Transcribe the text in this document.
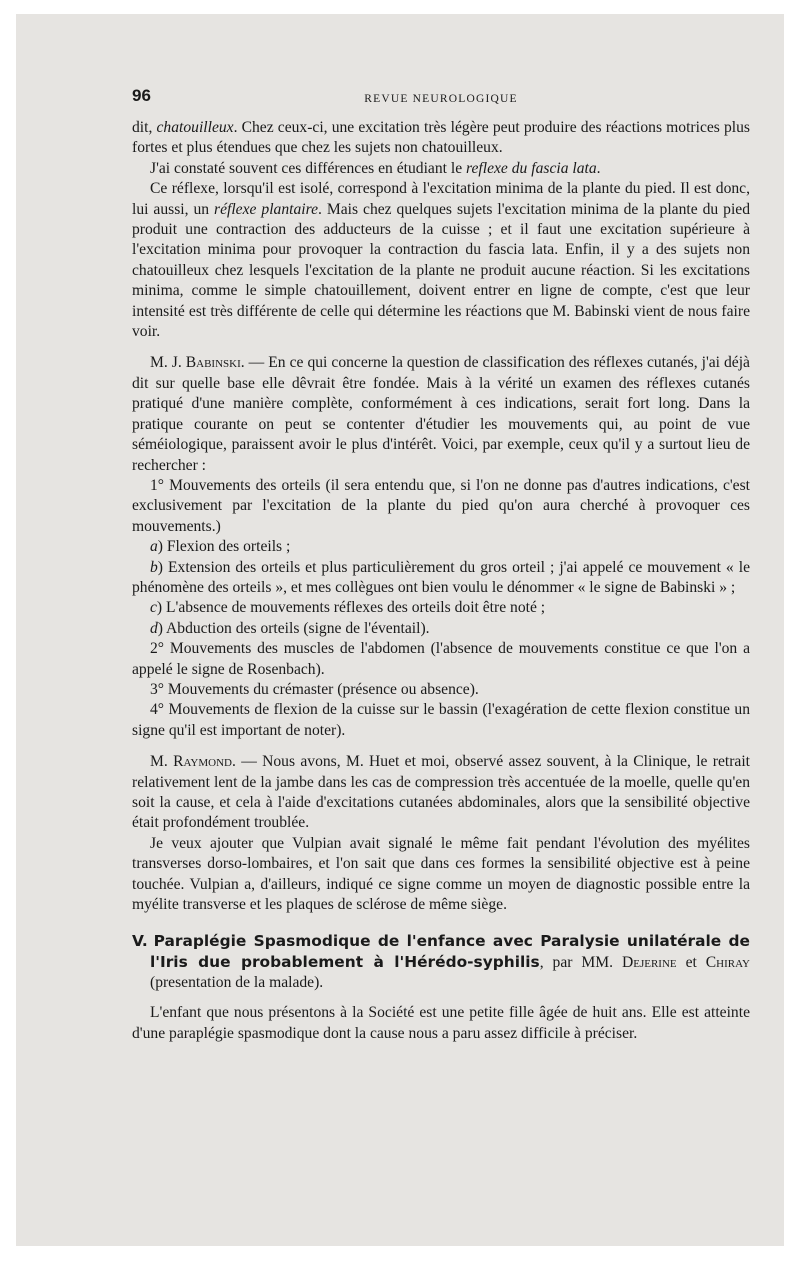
96	REVUE NEUROLOGIQUE

dit, chatouilleux. Chez ceux-ci, une excitation très légère peut produire des réactions motrices plus fortes et plus étendues que chez les sujets non chatouilleux.

J'ai constaté souvent ces différences en étudiant le reflexe du fascia lata.

Ce réflexe, lorsqu'il est isolé, correspond à l'excitation minima de la plante du pied. Il est donc, lui aussi, un réflexe plantaire. Mais chez quelques sujets l'excitation minima de la plante du pied produit une contraction des adducteurs de la cuisse ; et il faut une excitation supérieure à l'excitation minima pour provoquer la contraction du fascia lata. Enfin, il y a des sujets non chatouilleux chez lesquels l'excitation de la plante ne produit aucune réaction. Si les excitations minima, comme le simple chatouillement, doivent entrer en ligne de compte, c'est que leur intensité est très différente de celle qui détermine les réactions que M. Babinski vient de nous faire voir.

M. J. Babinski. — En ce qui concerne la question de classification des réflexes cutanés, j'ai déjà dit sur quelle base elle dêvrait être fondée. Mais à la vérité un examen des réflexes cutanés pratiqué d'une manière complète, conformément à ces indications, serait fort long. Dans la pratique courante on peut se contenter d'étudier les mouvements qui, au point de vue séméiologique, paraissent avoir le plus d'intérêt. Voici, par exemple, ceux qu'il y a surtout lieu de rechercher :

1° Mouvements des orteils (il sera entendu que, si l'on ne donne pas d'autres indications, c'est exclusivement par l'excitation de la plante du pied qu'on aura cherché à provoquer ces mouvements.)

a) Flexion des orteils ;

b) Extension des orteils et plus particulièrement du gros orteil ; j'ai appelé ce mouvement « le phénomène des orteils », et mes collègues ont bien voulu le dénommer « le signe de Babinski » ;

c) L'absence de mouvements réflexes des orteils doit être noté ;

d) Abduction des orteils (signe de l'éventail).

2° Mouvements des muscles de l'abdomen (l'absence de mouvements constitue ce que l'on a appelé le signe de Rosenbach).

3° Mouvements du crémaster (présence ou absence).

4° Mouvements de flexion de la cuisse sur le bassin (l'exagération de cette flexion constitue un signe qu'il est important de noter).

M. Raymond. — Nous avons, M. Huet et moi, observé assez souvent, à la Clinique, le retrait relativement lent de la jambe dans les cas de compression très accentuée de la moelle, quelle qu'en soit la cause, et cela à l'aide d'excitations cutanées abdominales, alors que la sensibilité objective était profondément troublée.

Je veux ajouter que Vulpian avait signalé le même fait pendant l'évolution des myélites transverses dorso-lombaires, et l'on sait que dans ces formes la sensibilité objective est à peine touchée. Vulpian a, d'ailleurs, indiqué ce signe comme un moyen de diagnostic possible entre la myélite transverse et les plaques de sclérose de même siège.

V. Paraplégie Spasmodique de l'enfance avec Paralysie unilatérale de l'Iris due probablement à l'Hérédo-syphilis, par MM. Dejerine et Chiray (presentation de la malade).

L'enfant que nous présentons à la Société est une petite fille âgée de huit ans. Elle est atteinte d'une paraplégie spasmodique dont la cause nous a paru assez difficile à préciser.
